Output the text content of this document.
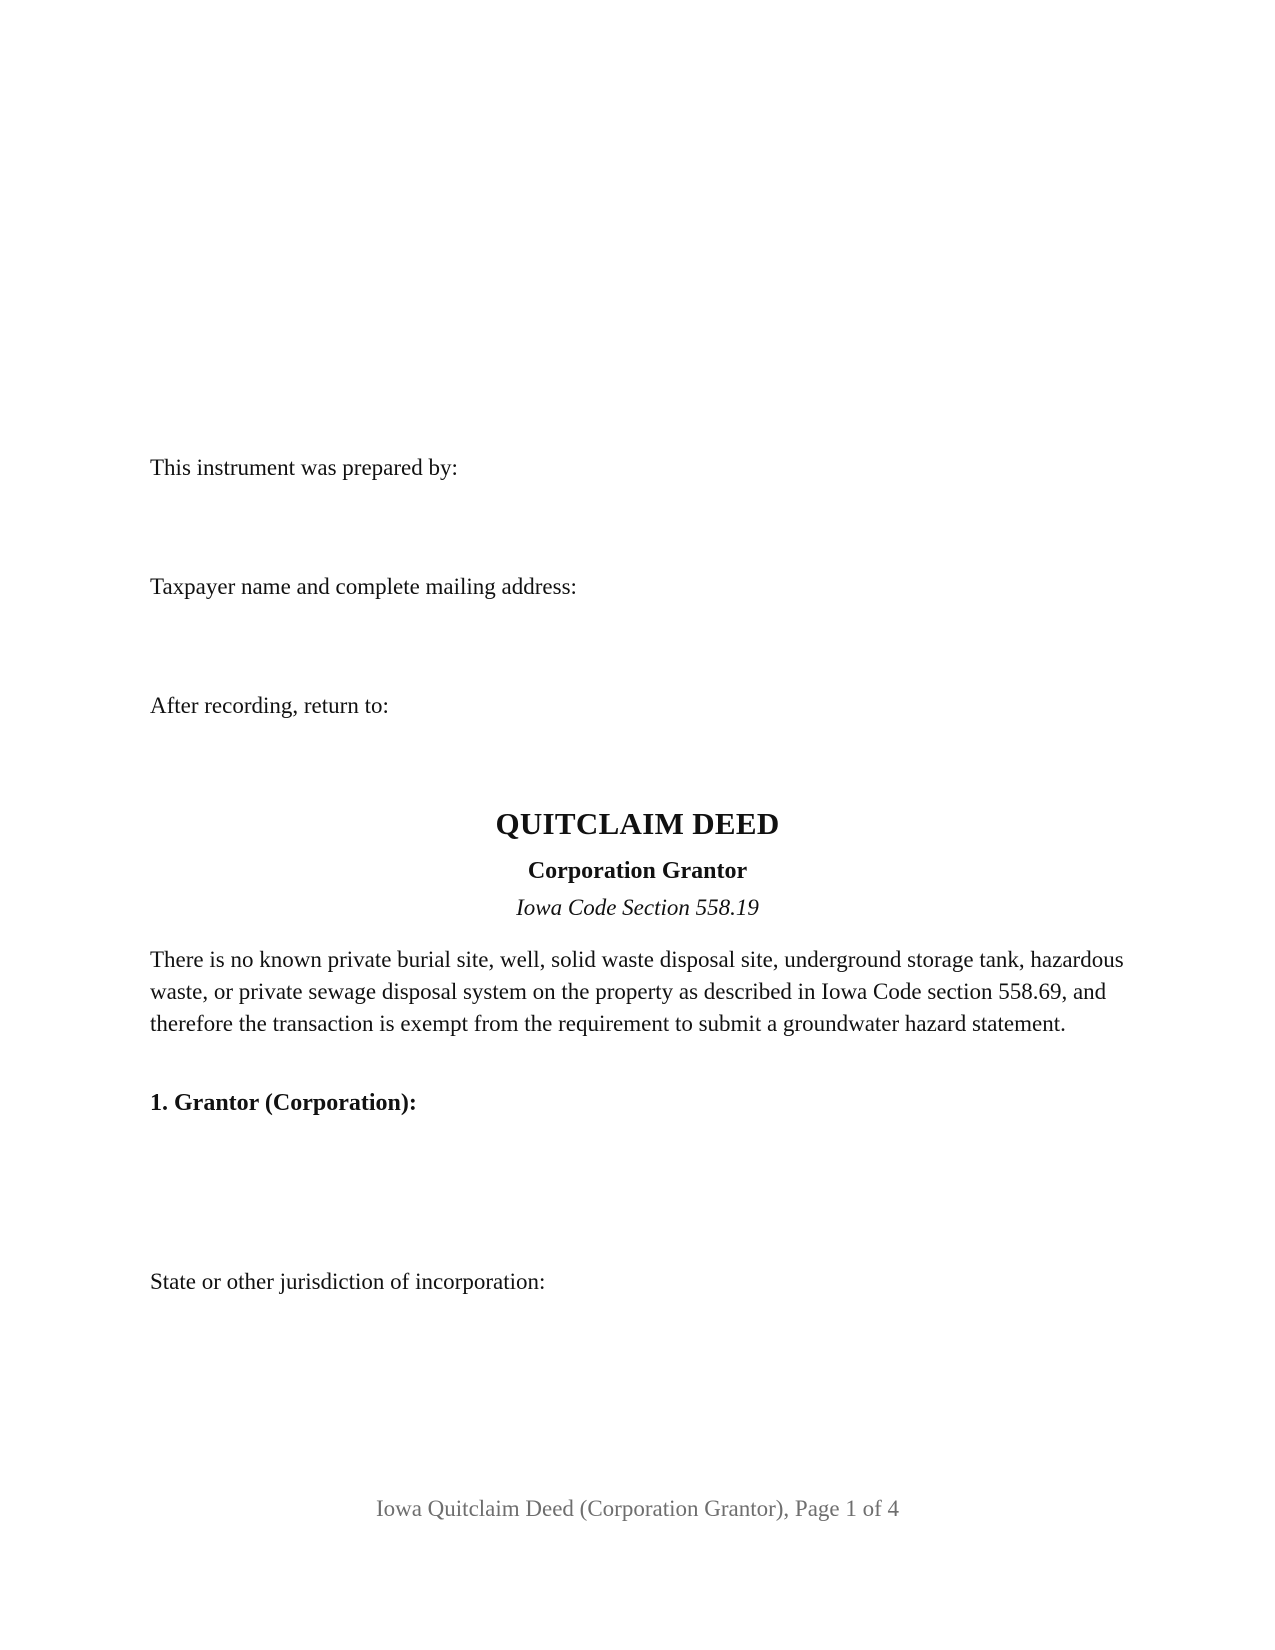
This instrument was prepared by:
Taxpayer name and complete mailing address:
After recording, return to:
QUITCLAIM DEED
Corporation Grantor
Iowa Code Section 558.19
There is no known private burial site, well, solid waste disposal site, underground storage tank, hazardous waste, or private sewage disposal system on the property as described in Iowa Code section 558.69, and therefore the transaction is exempt from the requirement to submit a groundwater hazard statement.
1. Grantor (Corporation):
State or other jurisdiction of incorporation:
Iowa Quitclaim Deed (Corporation Grantor), Page 1 of 4
